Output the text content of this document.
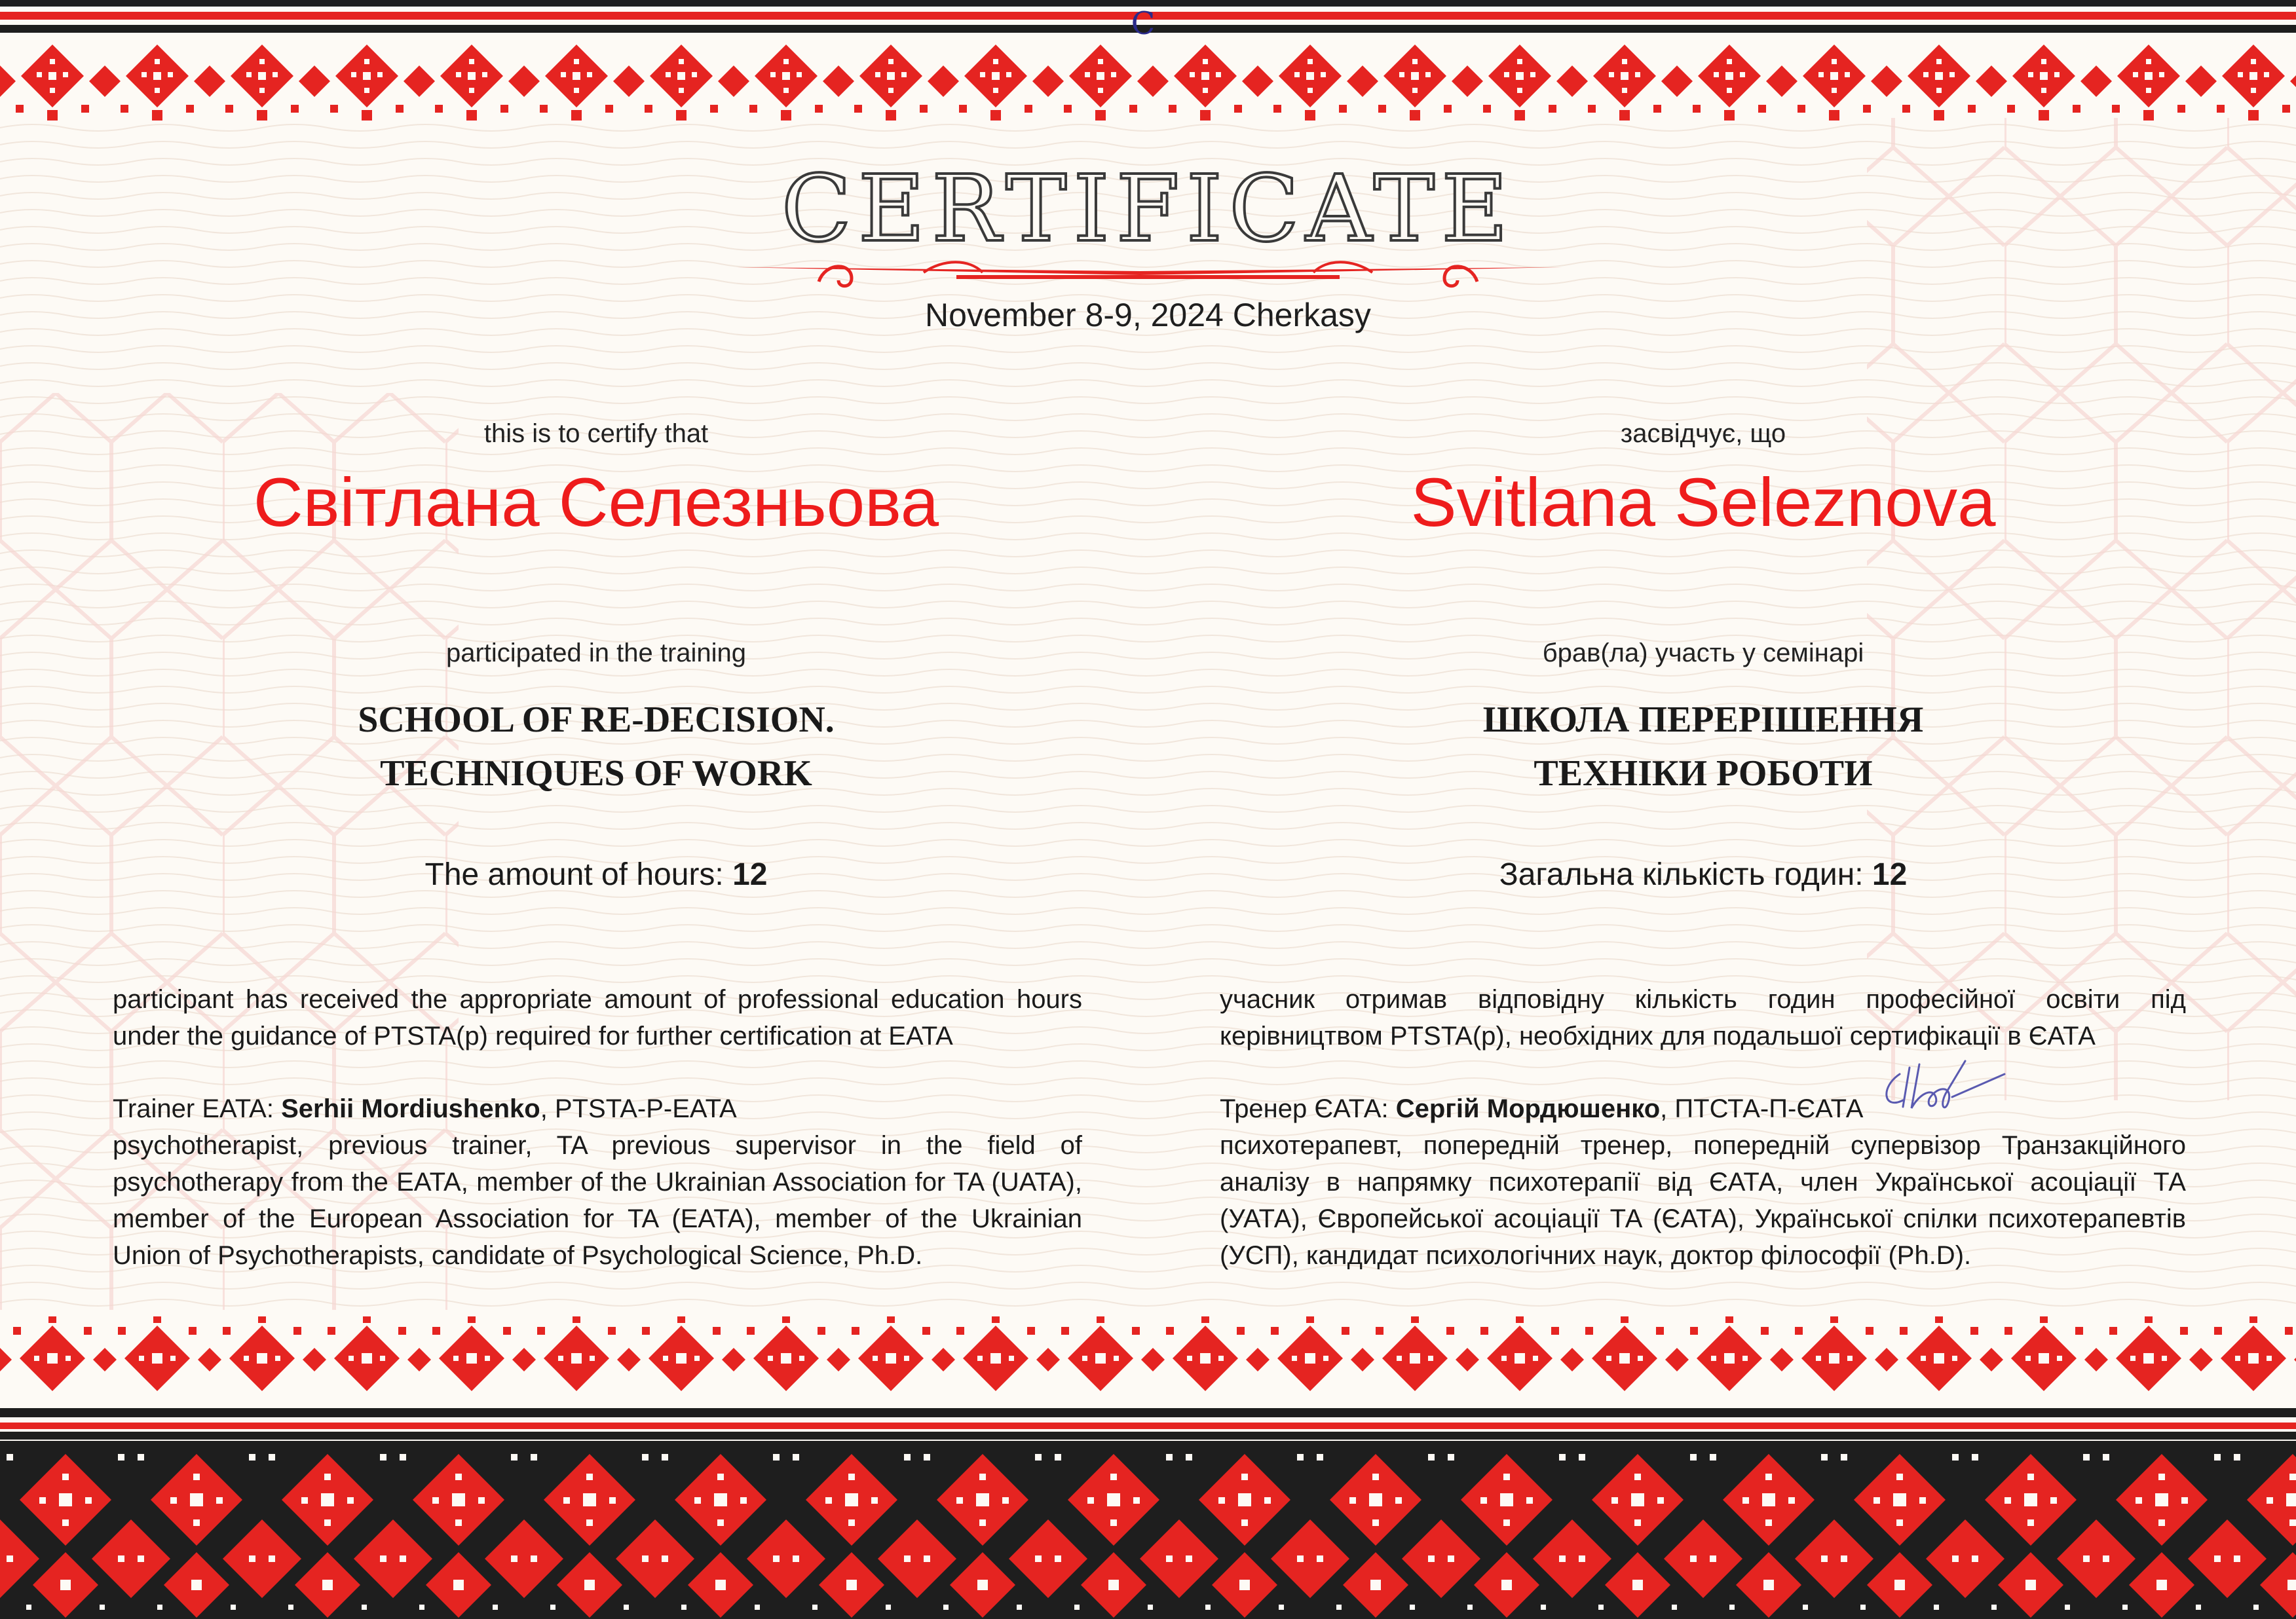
C
CERTIFICATE
November 8-9, 2024 Cherkasy
this is to certify that
Світлана Селезньова
participated in the training
SCHOOL OF RE-DECISION.
TECHNIQUES OF WORK
The amount of hours: 12
participant has received the appropriate amount of professional education hours under the guidance of PTSTA(p) required for further certification at EATA
Trainer EATA: Serhii Mordiushenko, PTSTA-P-EATA
psychotherapist, previous trainer, TA previous supervisor in the field of psychotherapy from the EATA, member of the Ukrainian Association for TA (UATA), member of the European Association for TA (EATA), member of the Ukrainian Union of Psychotherapists, candidate of Psychological Science, Ph.D.
засвідчує, що
Svitlana Seleznova
брав(ла) участь у семінарі
ШКОЛА ПЕРЕРІШЕННЯ
ТЕХНІКИ РОБОТИ
Загальна кількість годин: 12
учасник отримав відповідну кількість годин професійної освіти під керівництвом PTSTA(p), необхідних для подальшої сертифікації в ЄАТА
Тренер ЄАТА: Сергій Мордюшенко, ПТСТА-П-ЄАТА
психотерапевт, попередній тренер, попередній супервізор Транзакційного аналізу в напрямку психотерапії від ЄАТА, член Української асоціації ТА (УАТА), Європейської асоціації ТА (ЄАТА), Української спілки психотерапевтів (УСП), кандидат психологічних наук, доктор філософії (Ph.D).
